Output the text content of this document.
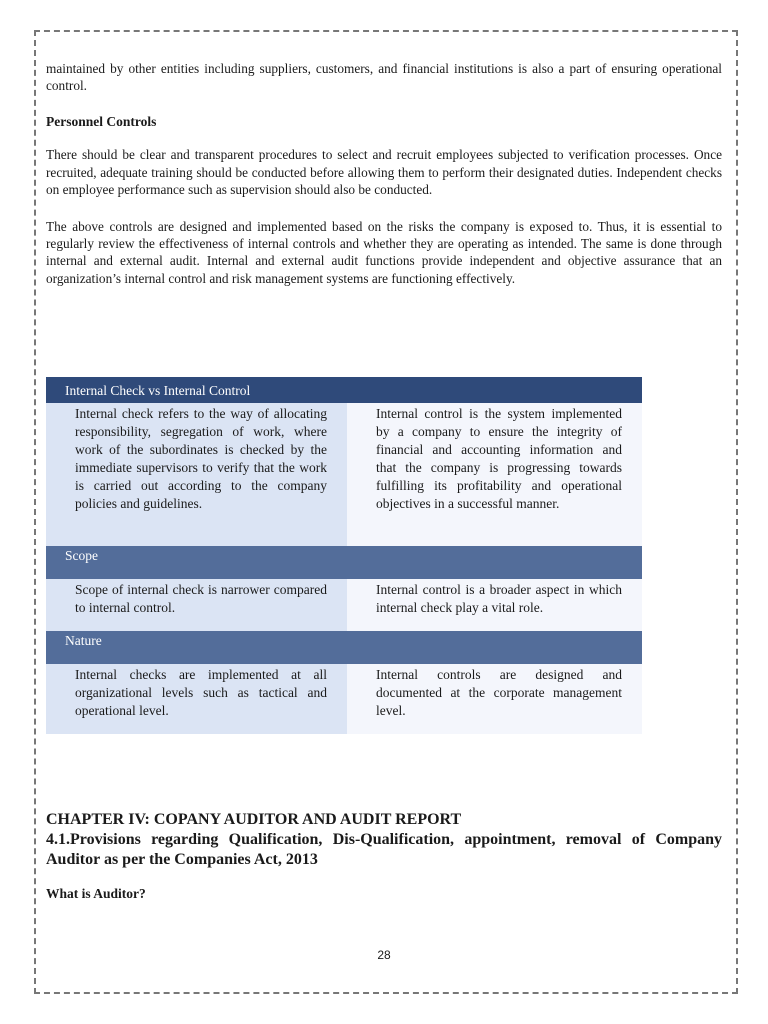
maintained by other entities including suppliers, customers, and financial institutions is also a part of ensuring operational control.

Personnel Controls

There should be clear and transparent procedures to select and recruit employees subjected to verification processes. Once recruited, adequate training should be conducted before allowing them to perform their designated duties. Independent checks on employee performance such as supervision should also be conducted.

The above controls are designed and implemented based on the risks the company is exposed to. Thus, it is essential to regularly review the effectiveness of internal controls and whether they are operating as intended. The same is done through internal and external audit. Internal and external audit functions provide independent and objective assurance that an organization’s internal control and risk management systems are functioning effectively.

Internal Check vs Internal Control
Internal check refers to the way of allocating responsibility, segregation of work, where work of the subordinates is checked by the immediate supervisors to verify that the work is carried out according to the company policies and guidelines.
Internal control is the system implemented by a company to ensure the integrity of financial and accounting information and that the company is progressing towards fulfilling its profitability and operational objectives in a successful manner.
Scope
Scope of internal check is narrower compared to internal control.
Internal control is a broader aspect in which internal check play a vital role.
Nature
Internal checks are implemented at all organizational levels such as tactical and operational level.
Internal controls are designed and documented at the corporate management level.
CHAPTER IV: COPANY AUDITOR AND AUDIT REPORT
4.1.Provisions regarding Qualification, Dis-Qualification, appointment, removal of Company Auditor as per the Companies Act, 2013
What is Auditor?
28
